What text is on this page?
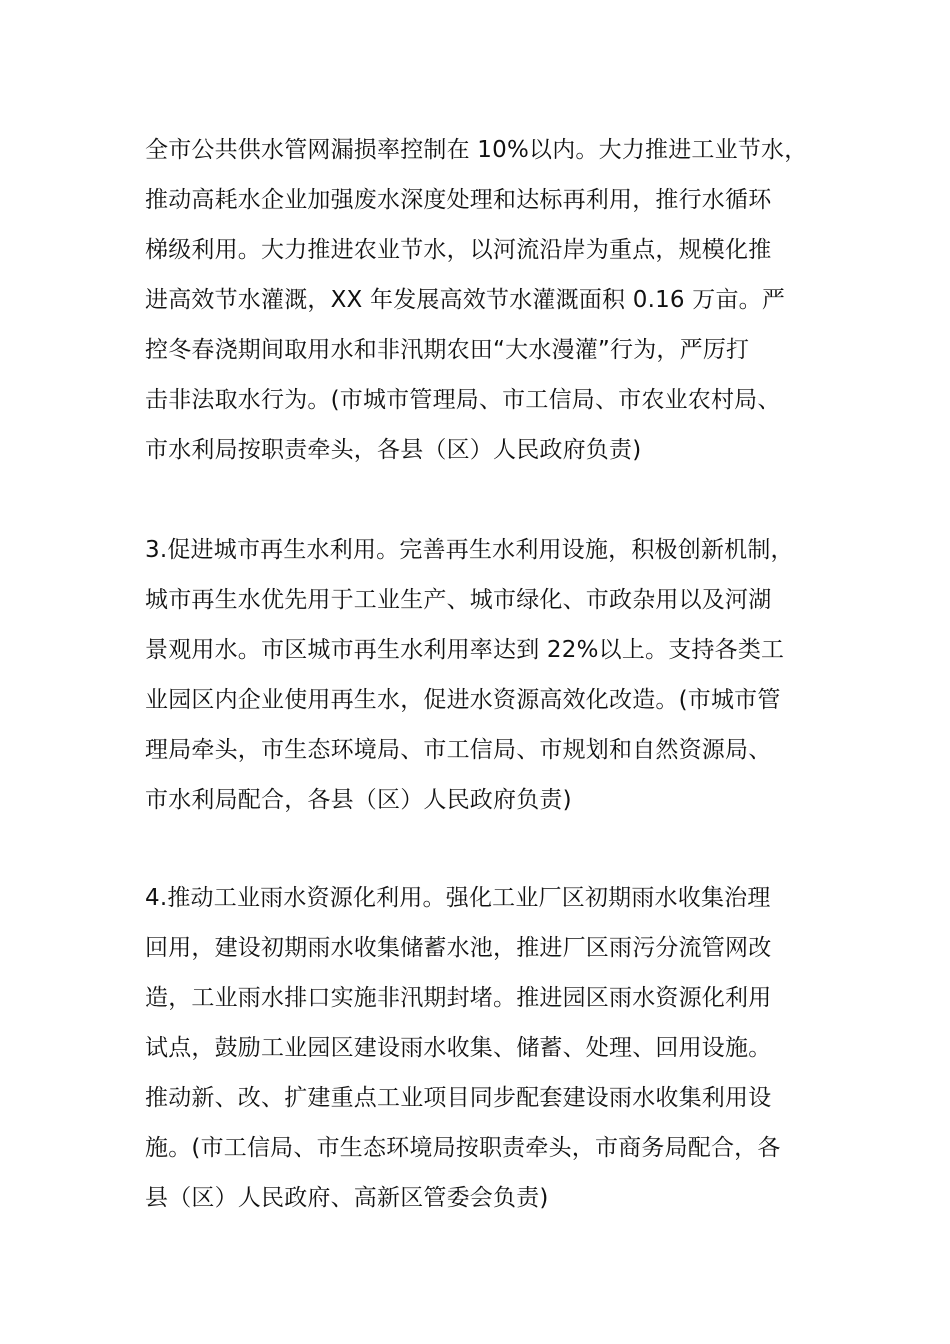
全市公共供水管网漏损率控制在 10%以内。大力推进工业节水，
推动高耗水企业加强废水深度处理和达标再利用，推行水循环
梯级利用。大力推进农业节水，以河流沿岸为重点，规模化推
进高效节水灌溉，XX 年发展高效节水灌溉面积 0.16 万亩。严
控冬春浇期间取用水和非汛期农田“大水漫灌”行为，严厉打
击非法取水行为。(市城市管理局、市工信局、市农业农村局、
市水利局按职责牵头，各县（区）人民政府负责)
3.促进城市再生水利用。完善再生水利用设施，积极创新机制，
城市再生水优先用于工业生产、城市绿化、市政杂用以及河湖
景观用水。市区城市再生水利用率达到 22%以上。支持各类工
业园区内企业使用再生水，促进水资源高效化改造。(市城市管
理局牵头，市生态环境局、市工信局、市规划和自然资源局、
市水利局配合，各县（区）人民政府负责)
4.推动工业雨水资源化利用。强化工业厂区初期雨水收集治理
回用，建设初期雨水收集储蓄水池，推进厂区雨污分流管网改
造，工业雨水排口实施非汛期封堵。推进园区雨水资源化利用
试点，鼓励工业园区建设雨水收集、储蓄、处理、回用设施。
推动新、改、扩建重点工业项目同步配套建设雨水收集利用设
施。(市工信局、市生态环境局按职责牵头，市商务局配合，各
县（区）人民政府、高新区管委会负责)
